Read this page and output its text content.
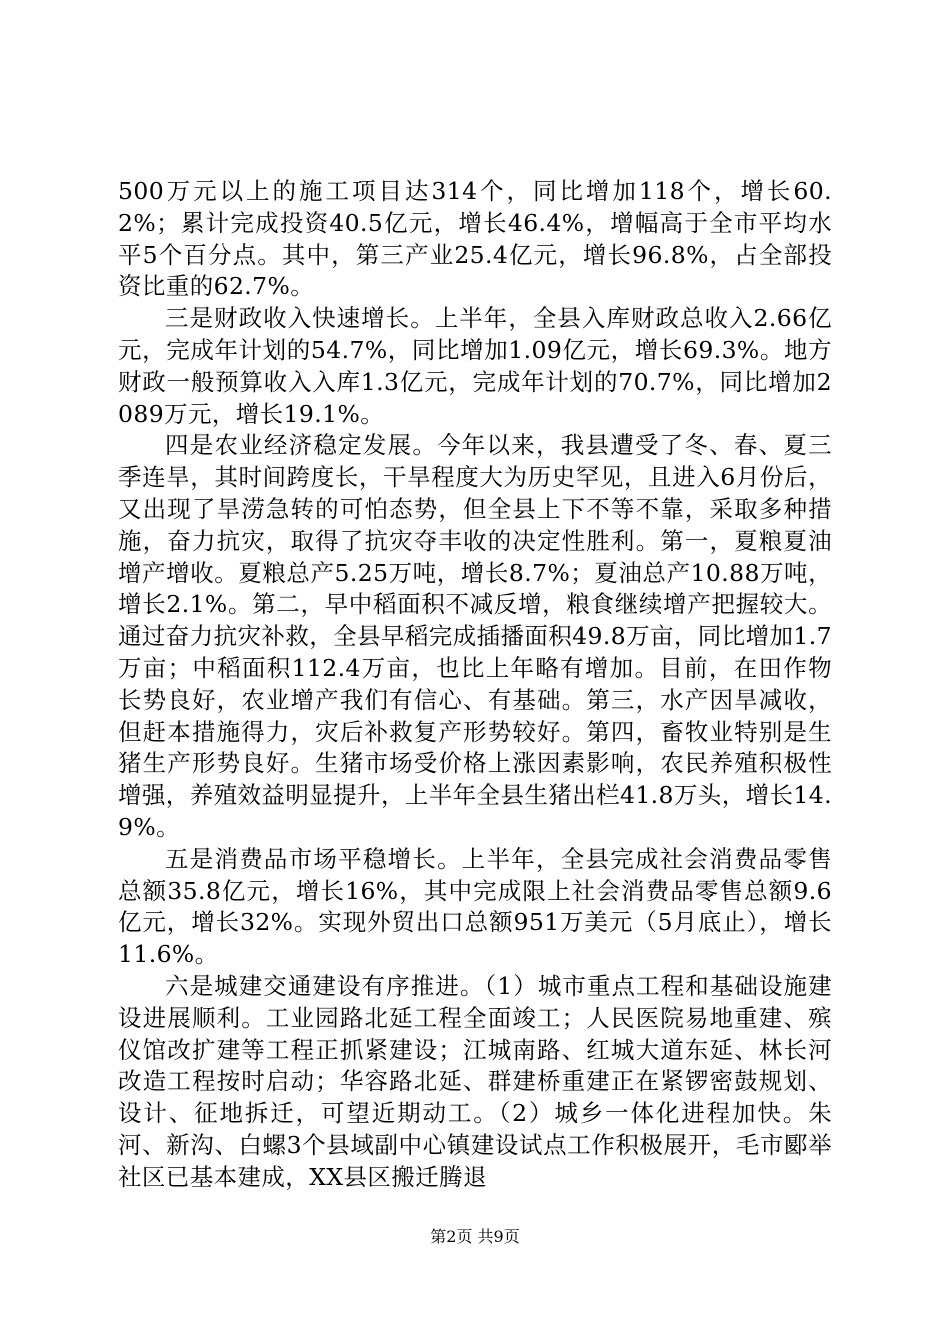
500万元以上的施工项目达314个，同比增加118个，增长60.2%；累计完成投资40.5亿元，增长46.4%，增幅高于全市平均水平5个百分点。其中，第三产业25.4亿元，增长96.8%，占全部投资比重的62.7%。

三是财政收入快速增长。上半年，全县入库财政总收入2.66亿元，完成年计划的54.7%，同比增加1.09亿元，增长69.3%。地方财政一般预算收入入库1.3亿元，完成年计划的70.7%，同比增加2089万元，增长19.1%。

四是农业经济稳定发展。今年以来，我县遭受了冬、春、夏三季连旱，其时间跨度长，干旱程度大为历史罕见，且进入6月份后，又出现了旱涝急转的可怕态势，但全县上下不等不靠，采取多种措施，奋力抗灾，取得了抗灾夺丰收的决定性胜利。第一，夏粮夏油增产增收。夏粮总产5.25万吨，增长8.7%；夏油总产10.88万吨，增长2.1%。第二，早中稻面积不减反增，粮食继续增产把握较大。通过奋力抗灾补救，全县早稻完成插播面积49.8万亩，同比增加1.7万亩；中稻面积112.4万亩，也比上年略有增加。目前，在田作物长势良好，农业增产我们有信心、有基础。第三，水产因旱减收，但赶本措施得力，灾后补救复产形势较好。第四，畜牧业特别是生猪生产形势良好。生猪市场受价格上涨因素影响，农民养殖积极性增强，养殖效益明显提升，上半年全县生猪出栏41.8万头，增长14.9%。

五是消费品市场平稳增长。上半年，全县完成社会消费品零售总额35.8亿元，增长16%，其中完成限上社会消费品零售总额9.6亿元，增长32%。实现外贸出口总额951万美元（5月底止），增长11.6%。

六是城建交通建设有序推进。（1）城市重点工程和基础设施建设进展顺利。工业园路北延工程全面竣工；人民医院易地重建、殡仪馆改扩建等工程正抓紧建设；江城南路、红城大道东延、林长河改造工程按时启动；华容路北延、群建桥重建正在紧锣密鼓规划、设计、征地拆迁，可望近期动工。（2）城乡一体化进程加快。朱河、新沟、白螺3个县域副中心镇建设试点工作积极展开，毛市郾举社区已基本建成，XX县区搬迁腾退

第2页 共9页
